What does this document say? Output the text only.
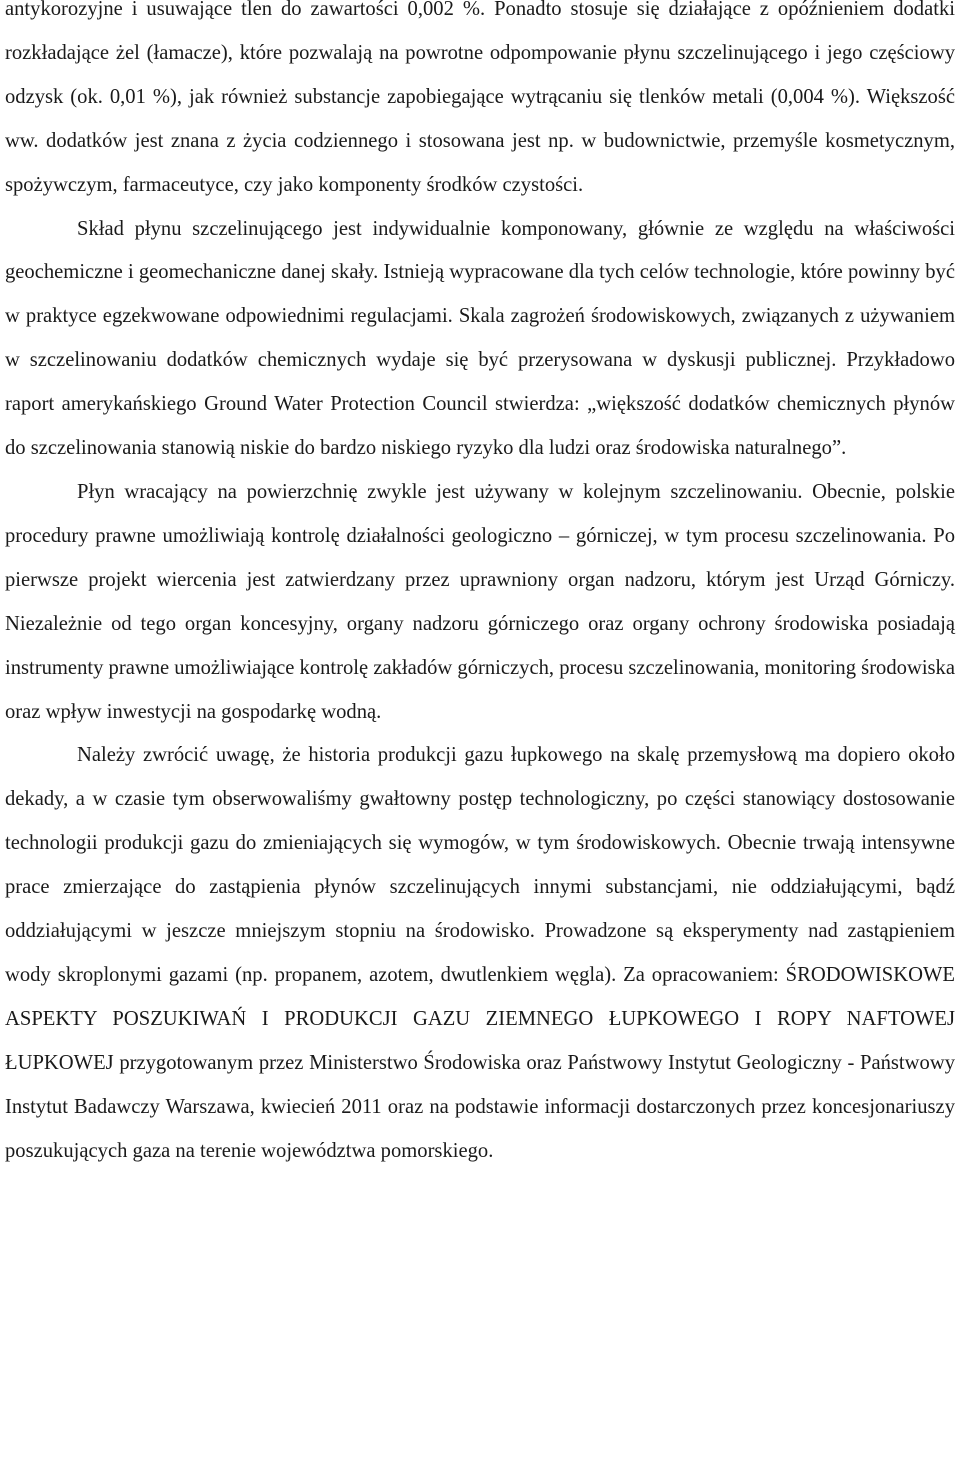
antykorozyjne i usuwające tlen do zawartości 0,002 %. Ponadto stosuje się działające z opóźnieniem dodatki rozkładające żel (łamacze), które pozwalają na powrotne odpompowanie płynu szczelinującego i jego częściowy odzysk (ok. 0,01 %), jak również substancje zapobiegające wytrącaniu się tlenków metali (0,004 %). Większość ww. dodatków jest znana z życia codziennego i stosowana jest np. w budownictwie, przemyśle kosmetycznym, spożywczym, farmaceutyce, czy jako komponenty środków czystości.

Skład płynu szczelinującego jest indywidualnie komponowany, głównie ze względu na właściwości geochemiczne i geomechaniczne danej skały. Istnieją wypracowane dla tych celów technologie, które powinny być w praktyce egzekwowane odpowiednimi regulacjami. Skala zagrożeń środowiskowych, związanych z używaniem w szczelinowaniu dodatków chemicznych wydaje się być przerysowana w dyskusji publicznej. Przykładowo raport amerykańskiego Ground Water Protection Council stwierdza: „większość dodatków chemicznych płynów do szczelinowania stanowią niskie do bardzo niskiego ryzyko dla ludzi oraz środowiska naturalnego”.

Płyn wracający na powierzchnię zwykle jest używany w kolejnym szczelinowaniu. Obecnie, polskie procedury prawne umożliwiają kontrolę działalności geologiczno – górniczej, w tym procesu szczelinowania. Po pierwsze projekt wiercenia jest zatwierdzany przez uprawniony organ nadzoru, którym jest Urząd Górniczy. Niezależnie od tego organ koncesyjny, organy nadzoru górniczego oraz organy ochrony środowiska posiadają instrumenty prawne umożliwiające kontrolę zakładów górniczych, procesu szczelinowania, monitoring środowiska oraz wpływ inwestycji na gospodarkę wodną.

Należy zwrócić uwagę, że historia produkcji gazu łupkowego na skalę przemysłową ma dopiero około dekady, a w czasie tym obserwowaliśmy gwałtowny postęp technologiczny, po części stanowiący dostosowanie technologii produkcji gazu do zmieniających się wymogów, w tym środowiskowych. Obecnie trwają intensywne prace zmierzające do zastąpienia płynów szczelinujących innymi substancjami, nie oddziałującymi, bądź oddziałującymi w jeszcze mniejszym stopniu na środowisko. Prowadzone są eksperymenty nad zastąpieniem wody skroplonymi gazami (np. propanem, azotem, dwutlenkiem węgla). Za opracowaniem: ŚRODOWISKOWE ASPEKTY POSZUKIWAŃ I PRODUKCJI GAZU ZIEMNEGO ŁUPKOWEGO I ROPY NAFTOWEJ ŁUPKOWEJ przygotowanym przez Ministerstwo Środowiska oraz Państwowy Instytut Geologiczny - Państwowy Instytut Badawczy Warszawa, kwiecień 2011 oraz na podstawie informacji dostarczonych przez koncesjonariuszy poszukujących gaza na terenie województwa pomorskiego.
